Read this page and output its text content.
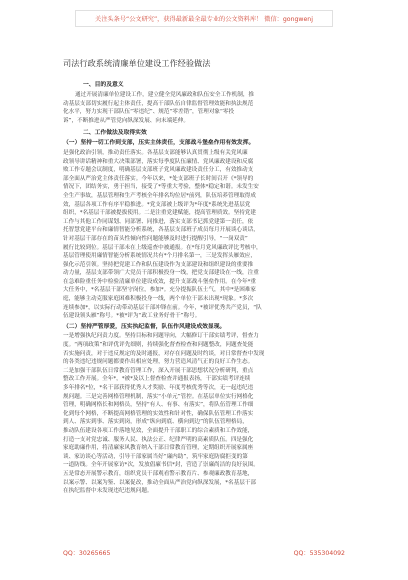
关注头条号“公文研究”，获得最新最全最专业的公文资料库！ 微信：gongwenj
司法行政系统清廉单位建设工作经验做法
一、目的及意义

通过开展清廉单位建设工作，建立健全党风廉政和队伍安全工作机制，推

动基层支部切实履行起主体责任，提高干部队伍自律监督管理效能和执法规范

化水平，努力实现干部队伍“零违纪”、规范“零差错”，管理对象“零投

诉”，不断推进从严管党向纵深发展、向末端延伸。

二、工作做法及取得实效
（一）坚持一切工作到支部，压实主体责任，支部战斗堡垒作用有效发挥。

是强化政治引领，推动责任落实。各基层支部能够认真贯彻上级有关党风廉

政领导讲话精神和重大决策部署，落实每季度队伍廉情、党风廉政建设和反腐

败工作专题会议制度，明确基层支部班子党风廉政建设责任分工，有效推动支

部全面从严治党主体责任落实。今年以来，*处支部班子长时间召开《*领导的

情况下，团结务实，勇于担当，接受了*等重大考验，整体*稳定和谐。未发生安

全生产事故，基层管理和生产考核全年排名均位居*前列，队伍培养管理取得成

效，基层各项工作有序平稳推进。*党支部被上级评为*年度*系统先进基层党

组织，*名基层干部被提拔使用。二是注重党建赋能，提高管理质效。坚持党建

工作与其他工作同谋划、同部署、同推进，落实支部书记抓党建第一责任，依

托智慧党建平台和廉情智能分析系统，各基层支部班子成员每月开展谈心谈话，

针对基层干部存在的苗头性倾向性问题能够及时进行提醒引导，“一岗双责”

履行比较到位。基层干部未在上级巡查中被通报。在*每月党风廉政评比考核中，

基层管理使用廉情智能分析系统情况共有*个月排名第一，三是发挥头雁效应，

强化示范引领。坚持把党建工作和队伍建设作为支部建设和组织建设的重要推

动力量，基层支部带领广大党员干部积极投身一线，把党支部建设在一线，注重

在急难险重任务中检验清廉单位建设成效，提升支部战斗堡垒作用。在今年*重

大任务中，*名基层干部坚守岗位，参加*。充分提振队伍士气，其中*是困难家

庭，能够主动克服家庭困难积极投身一线，两个单位干部未出现*现象。*多次

连续参加*，以实际行动带动基层干部冲锋在前。今年，*被评优秀共产党员，“队

伍建设领头雁”称号。*被*评为“政工业务好骨干”称号。

（二）坚持严管厚爱，压实执纪监督，队伍作风建设成效显现。

一是增强执纪问责力度。坚持目标和问题导向，大幅修订干部实绩考评，督查力

度。“两项政策”和评优评先细则，持续强化督查检查和问题整改，问题查处能

否实施问责，对于违反规定的及时通报，对存在问题及时约谈，对日常督查中发现

的各类违纪违规问题都要作出相应处理，努力营造风清气正的良好工作生态。

二是加强干部队伍日常教育管理工作，深入开展干部思想状况分析研判，重点

整改工作开展。全年*，*被*及以上督查检查并通报表扬，干部实绩考评连续

多年排名*位，*名干部获得优秀人才奖励、年度考核优秀等次，无一起违纪违

规问题。三是完善网格管理机制，落实“小单元”管控。在基层单位实行网格化

管理，明确网格长和网格员，坚持“有人、有事、有落实”，将队伍管理工作细

化到每个网格，不断提高网格管理的实效性和针对性，确保队伍管理工作落实

到人、落实到事、落实到岗，形成“纵向到底、横向到边”的队伍管理格局，

推动队伍建设各项工作落地见效，全面提升干部职工的综合素质和工作效能，

打造一支对党忠诚、服务人民、执法公正、纪律严明的高素质队伍。四是强化

家庭助廉作用，将清廉家风教育纳入干部日常教育管理，定期组织开展家属座

谈、家访谈心等活动，引导干部家属当好“廉内助”，筑牢家庭防腐拒变的第

一道防线。全年开展家访*次，发放倡廉书信*封，营造了崇廉尚洁的良好氛围。

五是常态开展警示教育，组织党员干部观看警示教育片、参观廉政教育基地，

以案示警、以案为鉴、以案促改，推动全面从严治党向纵深发展，*名基层干部

在执纪监督中未发现违纪违规问题。

QQ：30265665	QQ：535304092
